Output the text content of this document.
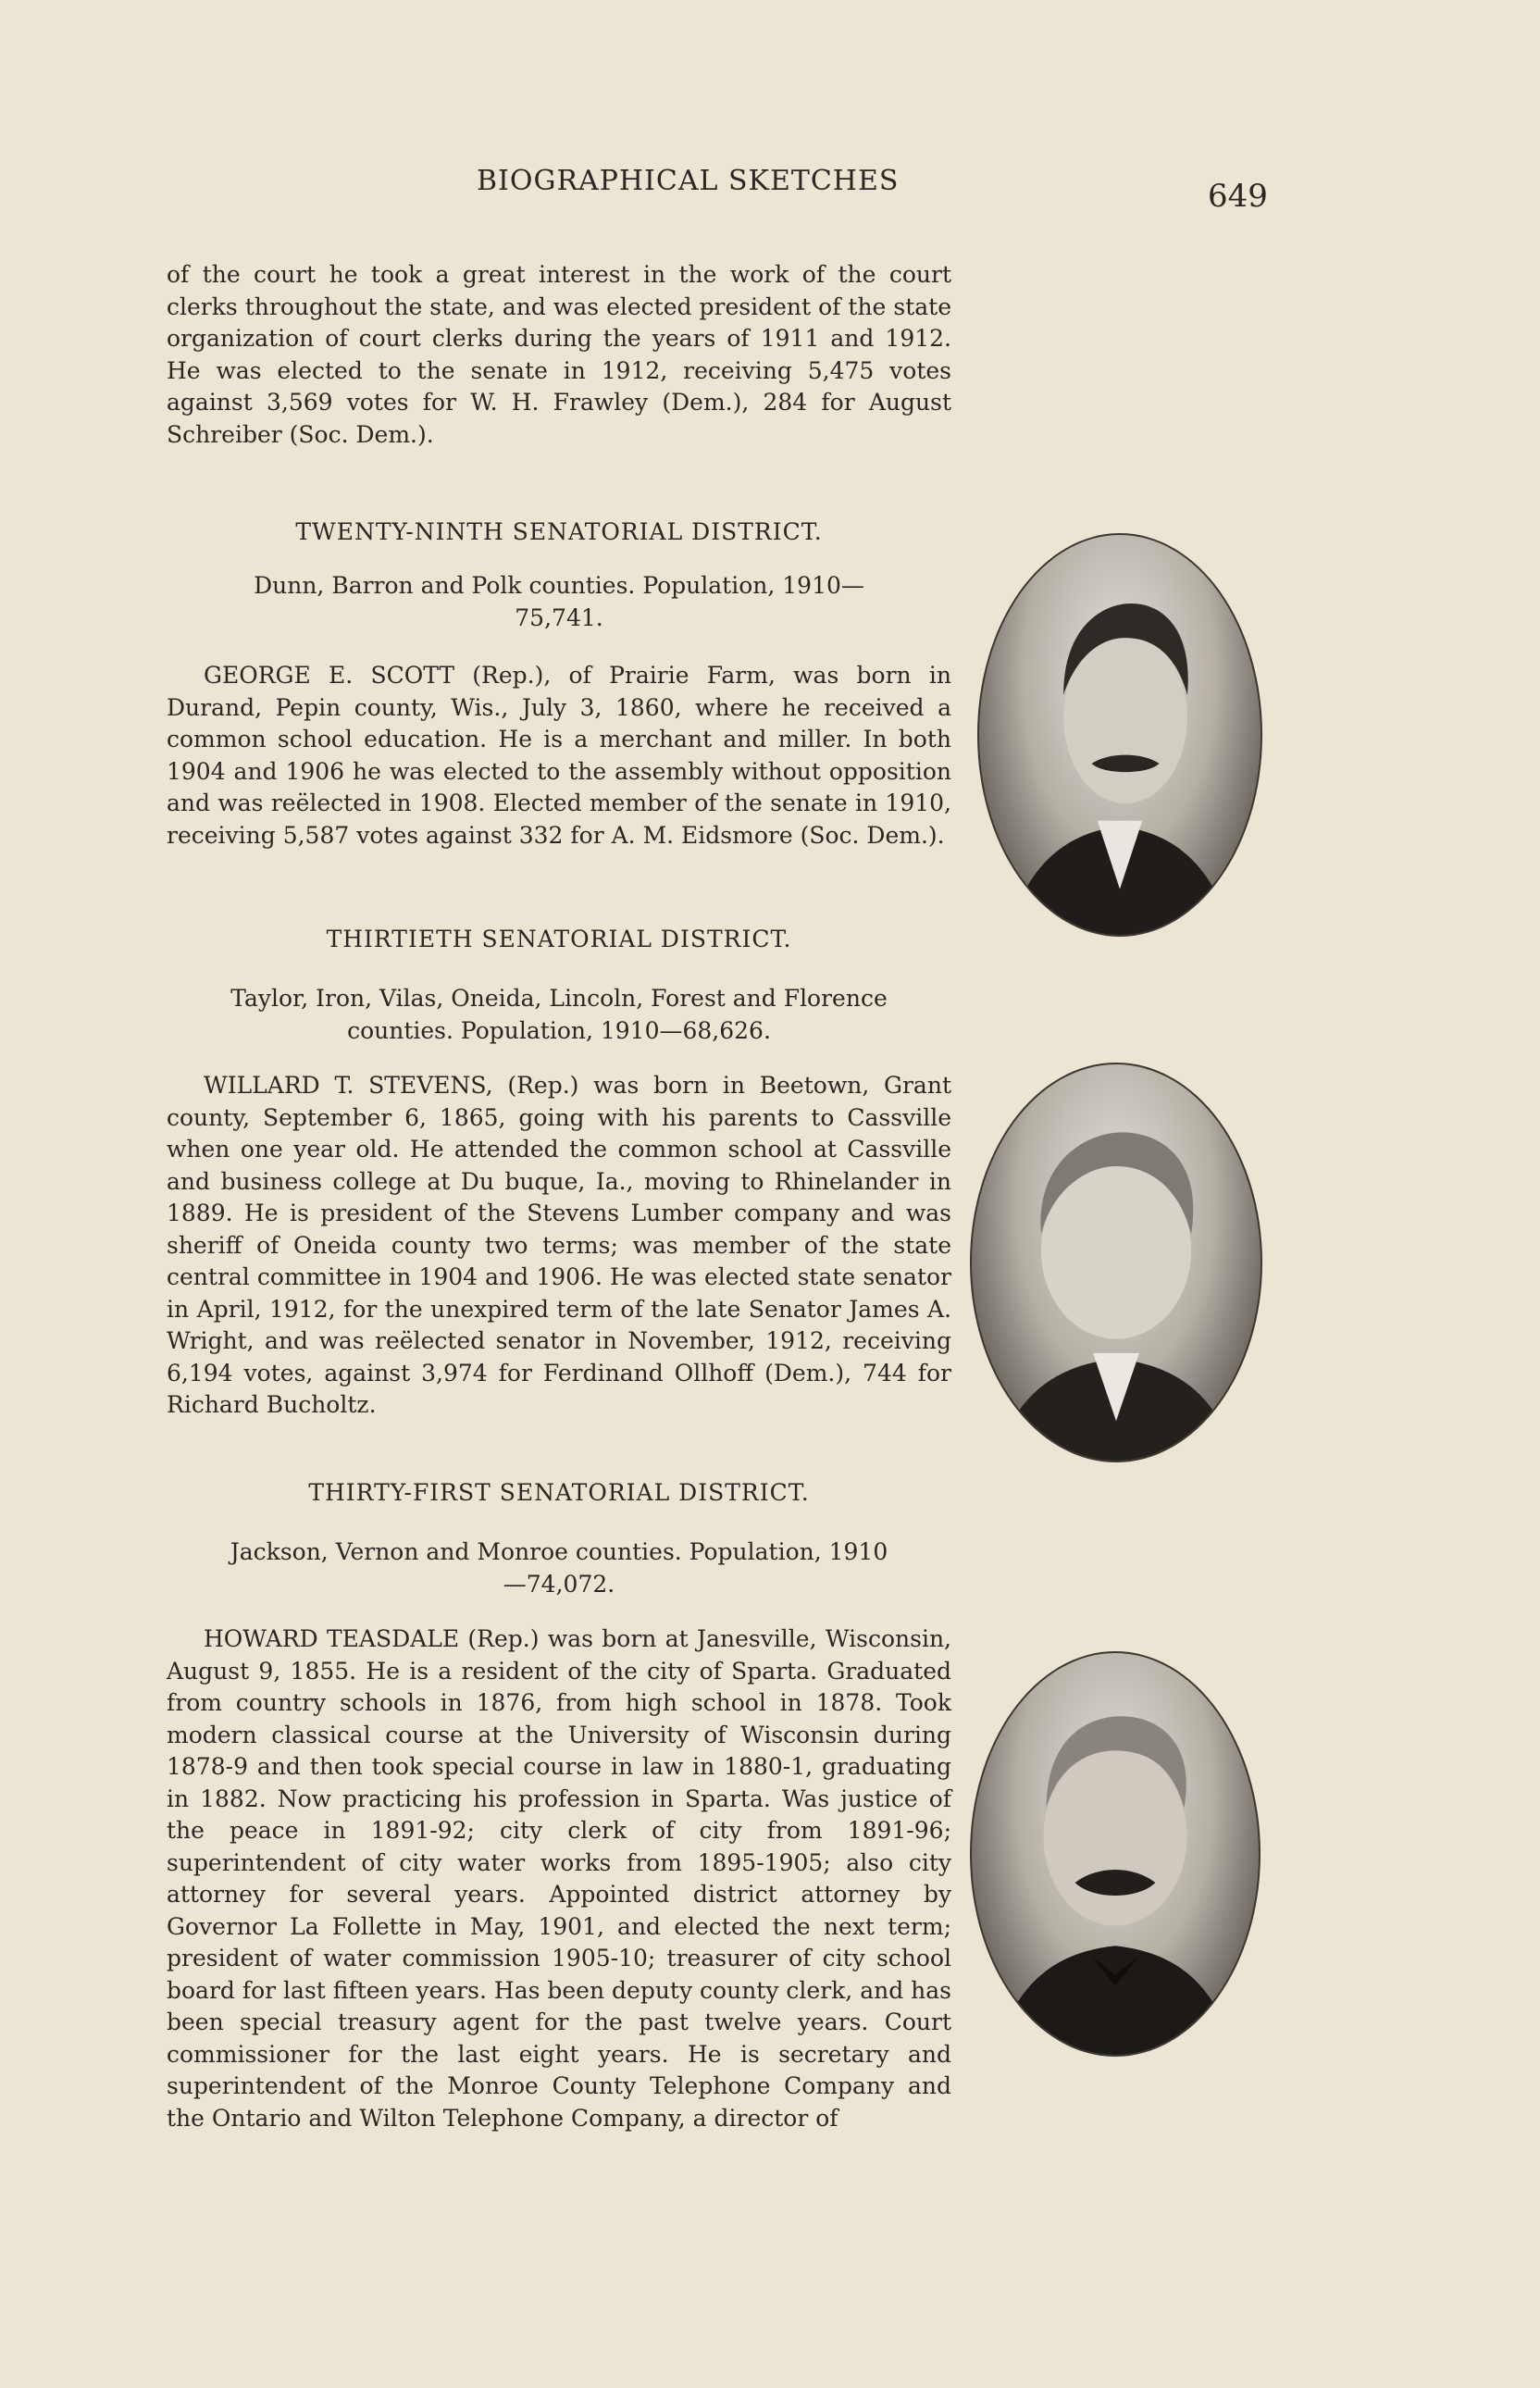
BIOGRAPHICAL SKETCHES	649

of the court he took a great interest in the work of the court clerks throughout the state, and was elected president of the state organization of court clerks during the years of 1911 and 1912. He was elected to the senate in 1912, receiving 5,475 votes against 3,569 votes for W. H. Frawley (Dem.), 284 for August Schreiber (Soc. Dem.).

TWENTY-NINTH SENATORIAL DISTRICT.

Dunn, Barron and Polk counties. Population, 1910—

75,741.

GEORGE E. SCOTT (Rep.), of Prairie Farm, was born in Durand, Pepin county, Wis., July 3, 1860, where he received a common school education. He is a merchant and miller. In both 1904 and 1906 he was elected to the assembly without opposition and was reëlected in 1908. Elected member of the senate in 1910, receiving 5,587 votes against 332 for A. M. Eidsmore (Soc. Dem.).

THIRTIETH SENATORIAL DISTRICT.

Taylor, Iron, Vilas, Oneida, Lincoln, Forest and Florence

counties. Population, 1910—68,626.

WILLARD T. STEVENS, (Rep.) was born in Beetown, Grant county, September 6, 1865, going with his parents to Cassville when one year old. He attended the common school at Cassville and business college at Du buque, Ia., moving to Rhinelander in 1889. He is president of the Stevens Lumber company and was sheriff of Oneida county two terms; was member of the state central committee in 1904 and 1906. He was elected state senator in April, 1912, for the unexpired term of the late Senator James A. Wright, and was reëlected senator in November, 1912, receiving 6,194 votes, against 3,974 for Ferdinand Ollhoff (Dem.), 744 for Richard Bucholtz.

THIRTY-FIRST SENATORIAL DISTRICT.

Jackson, Vernon and Monroe counties. Population, 1910

—74,072.

HOWARD TEASDALE (Rep.) was born at Janesville, Wisconsin, August 9, 1855. He is a resident of the city of Sparta. Graduated from country schools in 1876, from high school in 1878. Took modern classical course at the University of Wisconsin during 1878-9 and then took special course in law in 1880-1, graduating in 1882. Now practicing his profession in Sparta. Was justice of the peace in 1891-92; city clerk of city from 1891-96; superintendent of city water works from 1895-1905; also city attorney for several years. Appointed district attorney by Governor La Follette in May, 1901, and elected the next term; president of water commission 1905-10; treasurer of city school board for last fifteen years. Has been deputy county clerk, and has been special treasury agent for the past twelve years. Court commissioner for the last eight years. He is secretary and superintendent of the Monroe County Telephone Company and the Ontario and Wilton Telephone Company, a director of
